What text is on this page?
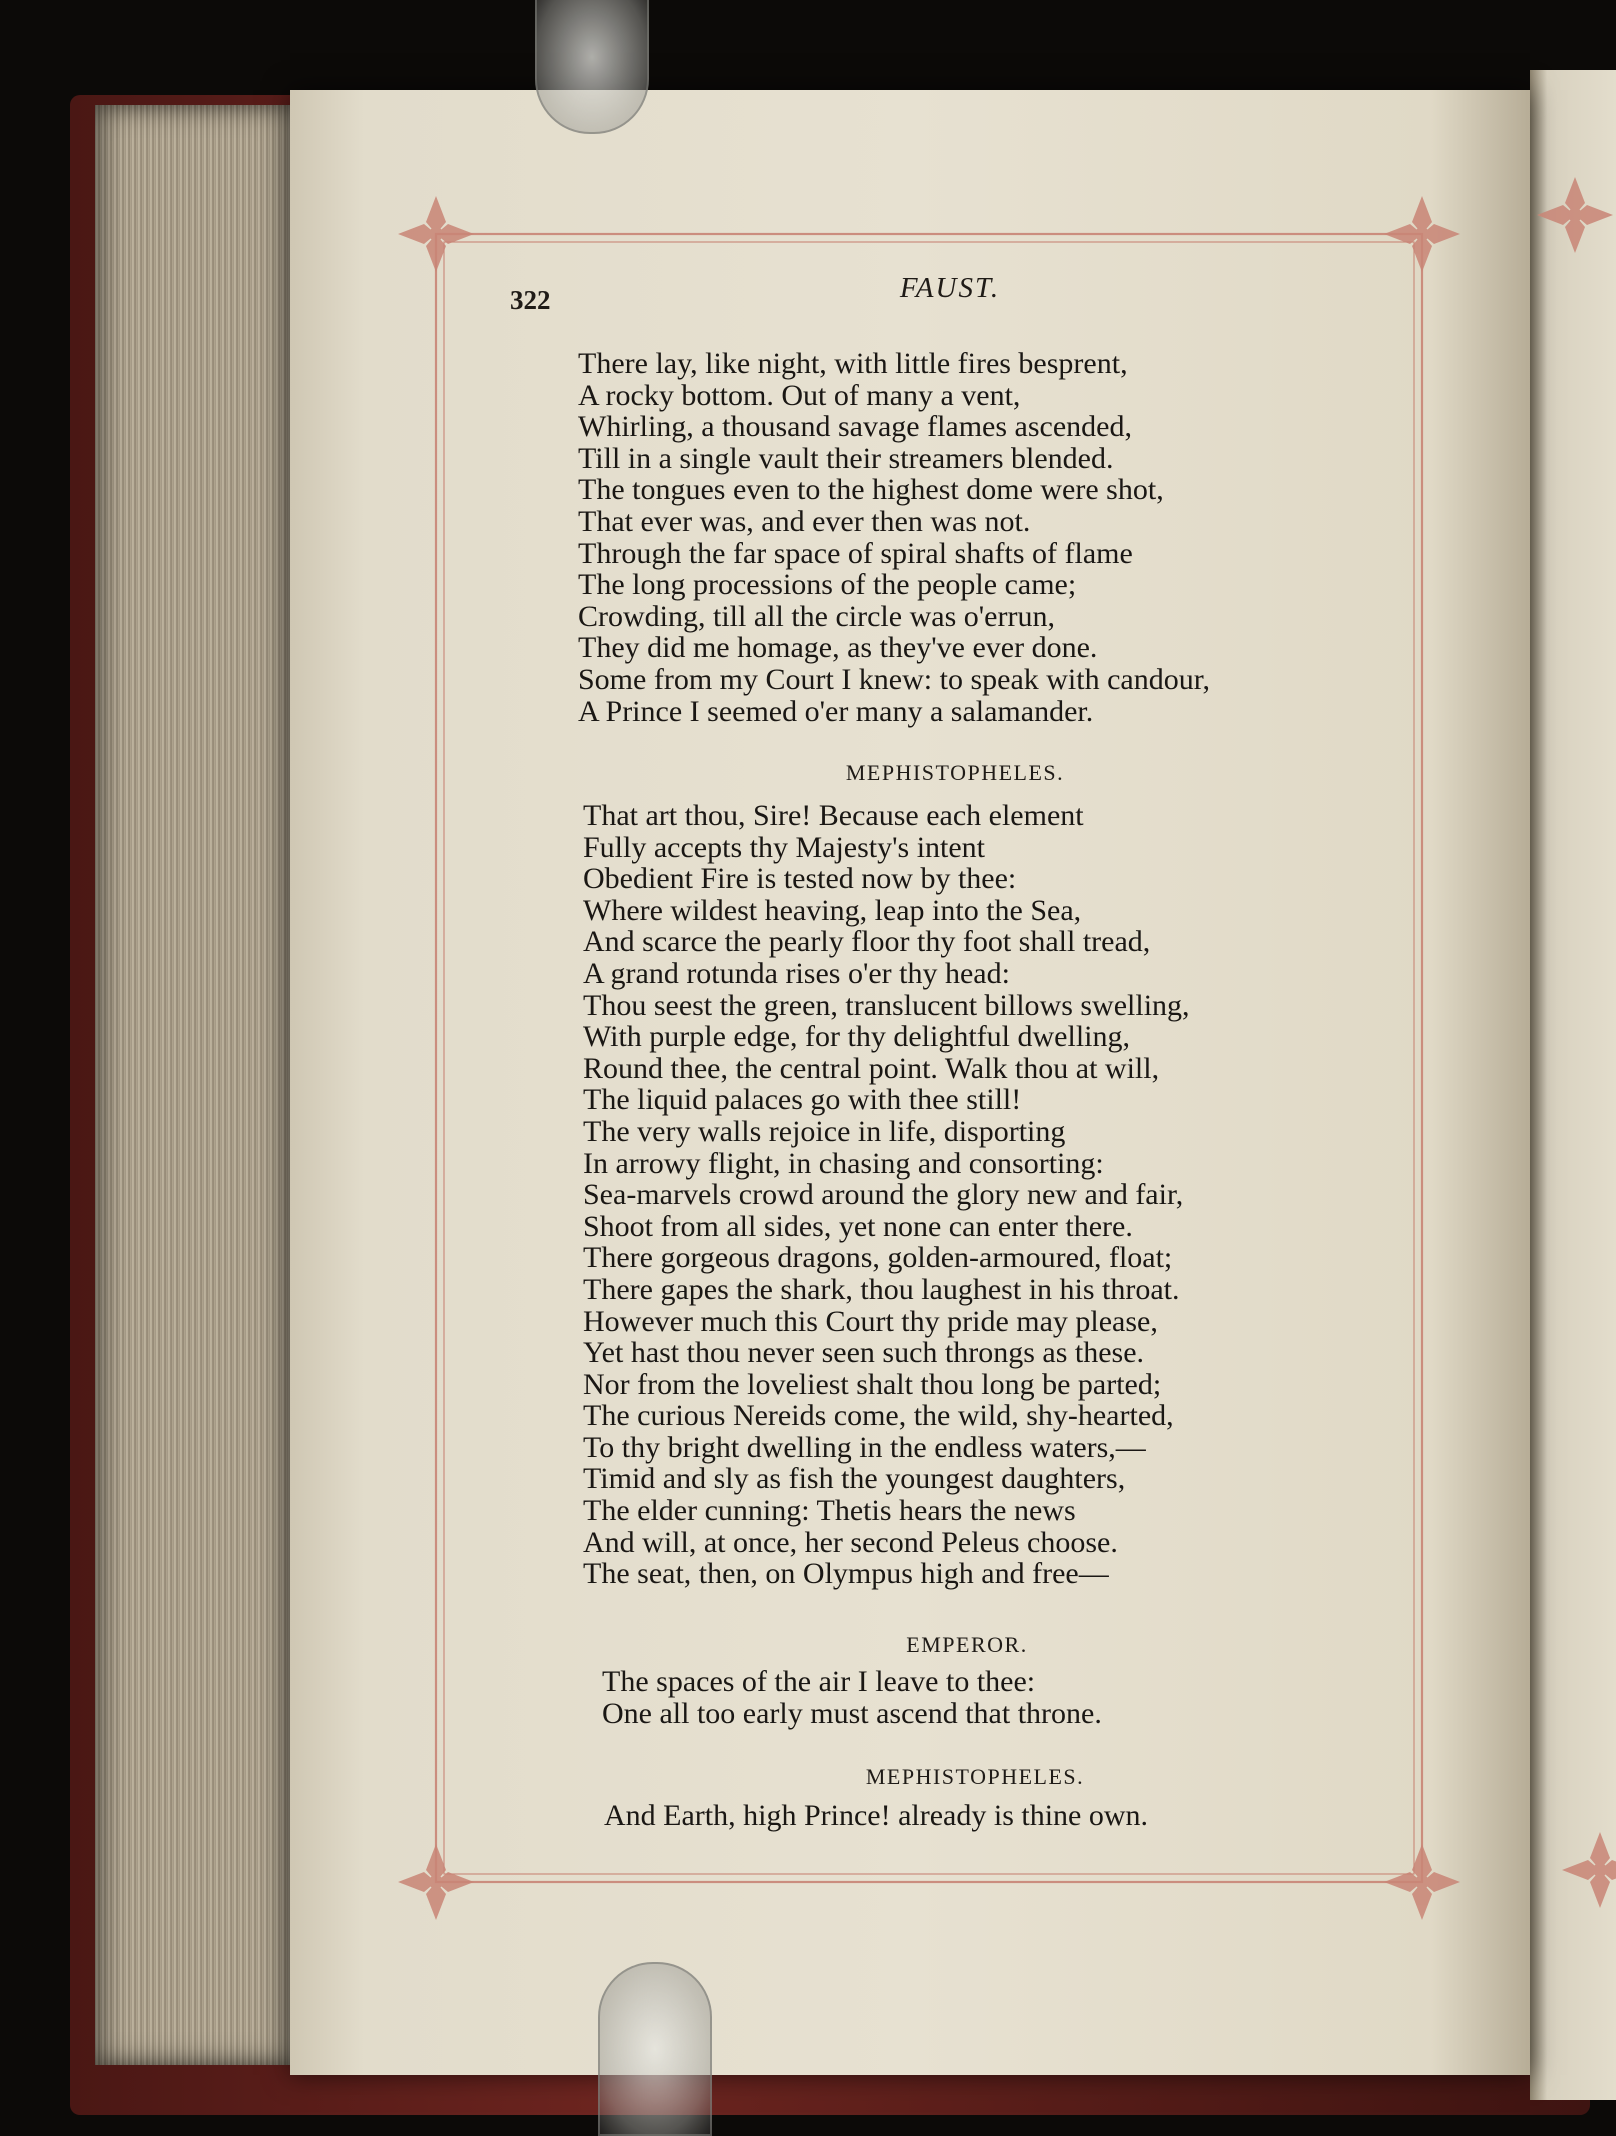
322	FAUST.
There lay, like night, with little fires besprent,
A rocky bottom. Out of many a vent,
Whirling, a thousand savage flames ascended,
Till in a single vault their streamers blended.
The tongues even to the highest dome were shot,
That ever was, and ever then was not.
Through the far space of spiral shafts of flame
The long processions of the people came;
Crowding, till all the circle was o'errun,
They did me homage, as they've ever done.
Some from my Court I knew: to speak with candour,
A Prince I seemed o'er many a salamander.
MEPHISTOPHELES.
That art thou, Sire! Because each element
Fully accepts thy Majesty's intent
Obedient Fire is tested now by thee:
Where wildest heaving, leap into the Sea,
And scarce the pearly floor thy foot shall tread,
A grand rotunda rises o'er thy head:
Thou seest the green, translucent billows swelling,
With purple edge, for thy delightful dwelling,
Round thee, the central point. Walk thou at will,
The liquid palaces go with thee still!
The very walls rejoice in life, disporting
In arrowy flight, in chasing and consorting:
Sea-marvels crowd around the glory new and fair,
Shoot from all sides, yet none can enter there.
There gorgeous dragons, golden-armoured, float;
There gapes the shark, thou laughest in his throat.
However much this Court thy pride may please,
Yet hast thou never seen such throngs as these.
Nor from the loveliest shalt thou long be parted;
The curious Nereids come, the wild, shy-hearted,
To thy bright dwelling in the endless waters,—
Timid and sly as fish the youngest daughters,
The elder cunning: Thetis hears the news
And will, at once, her second Peleus choose.
The seat, then, on Olympus high and free—
EMPEROR.
The spaces of the air I leave to thee:
One all too early must ascend that throne.
MEPHISTOPHELES.
And Earth, high Prince! already is thine own.
